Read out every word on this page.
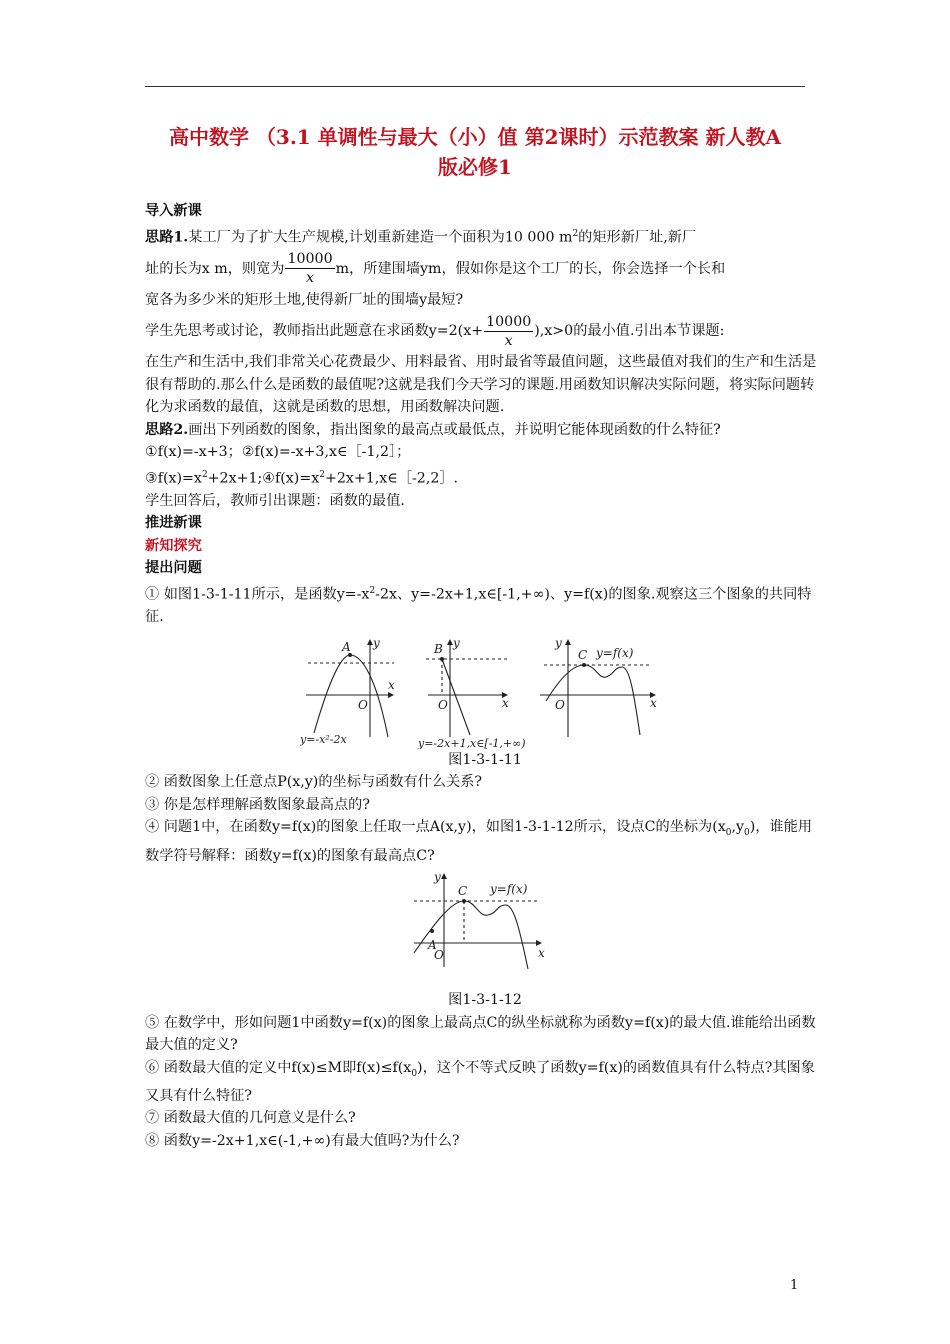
高中数学 （3.1 单调性与最大（小）值 第2课时）示范教案 新人教A
版必修1

导入新课

思路1.某工厂为了扩大生产规模,计划重新建造一个面积为10 000 $m^2$的矩形新厂址,新厂

址的长为x m，则宽为 $\frac{10000}{x}$ m，所建围墙ym，假如你是这个工厂的长，你会选择一个长和

宽各为多少米的矩形土地,使得新厂址的围墙y最短?

学生先思考或讨论，教师指出此题意在求函数$y=2(x+ \frac{10000}{x} ),x>0$的最小值.引出本节课题:

在生产和生活中,我们非常关心花费最少、用料最省、用时最省等最值问题，这些最值对我们的生产和生活是很有帮助的.那么什么是函数的最值呢?这就是我们今天学习的课题.用函数知识解决实际问题，将实际问题转化为求函数的最值，这就是函数的思想，用函数解决问题.

思路2.画出下列函数的图象，指出图象的最高点或最低点，并说明它能体现函数的什么特征?

①f(x)=-x+3；②f(x)=-x+3,x∈［-1,2］；

$③f(x)=x^2+2x+1;④f(x)=x^2+2x+1,x\in[-2,2]$.

学生回答后，教师引出课题：函数的最值.

推进新课

新知探究

提出问题

① 如图1-3-1-11所示，是函数$y=-x^2-2x$、y=-2x+1,x∈[-1,+∞)、y=f(x)的图象.观察这三个图象的共同特征.

y
A
O
x
y=-x²-2x
y
B
O	x
y=-2x+1,x∈[-1,+∞)
y
C y=f(x)
O	x

图1-3-1-11

② 函数图象上任意点P(x,y)的坐标与函数有什么关系?

③ 你是怎样理解函数图象最高点的?

④ 问题1中，在函数y=f(x)的图象上任取一点A(x,y)，如图1-3-1-12所示，设点C的坐标为$(x_0,y_0)$，谁能用数学符号解释：函数y=f(x)的图象有最高点C?

y
C y=f(x)
A
O	x

图1-3-1-12

⑤ 在数学中，形如问题1中函数y=f(x)的图象上最高点C的纵坐标就称为函数y=f(x)的最大值.谁能给出函数最大值的定义?

⑥ 函数最大值的定义中f(x)≤M即$f(x)\le f(x_0)$，这个不等式反映了函数y=f(x)的函数值具有什么特点?其图象又具有什么特征?

⑦ 函数最大值的几何意义是什么?

⑧ 函数y=-2x+1,x∈(-1,+∞)有最大值吗?为什么?

1
